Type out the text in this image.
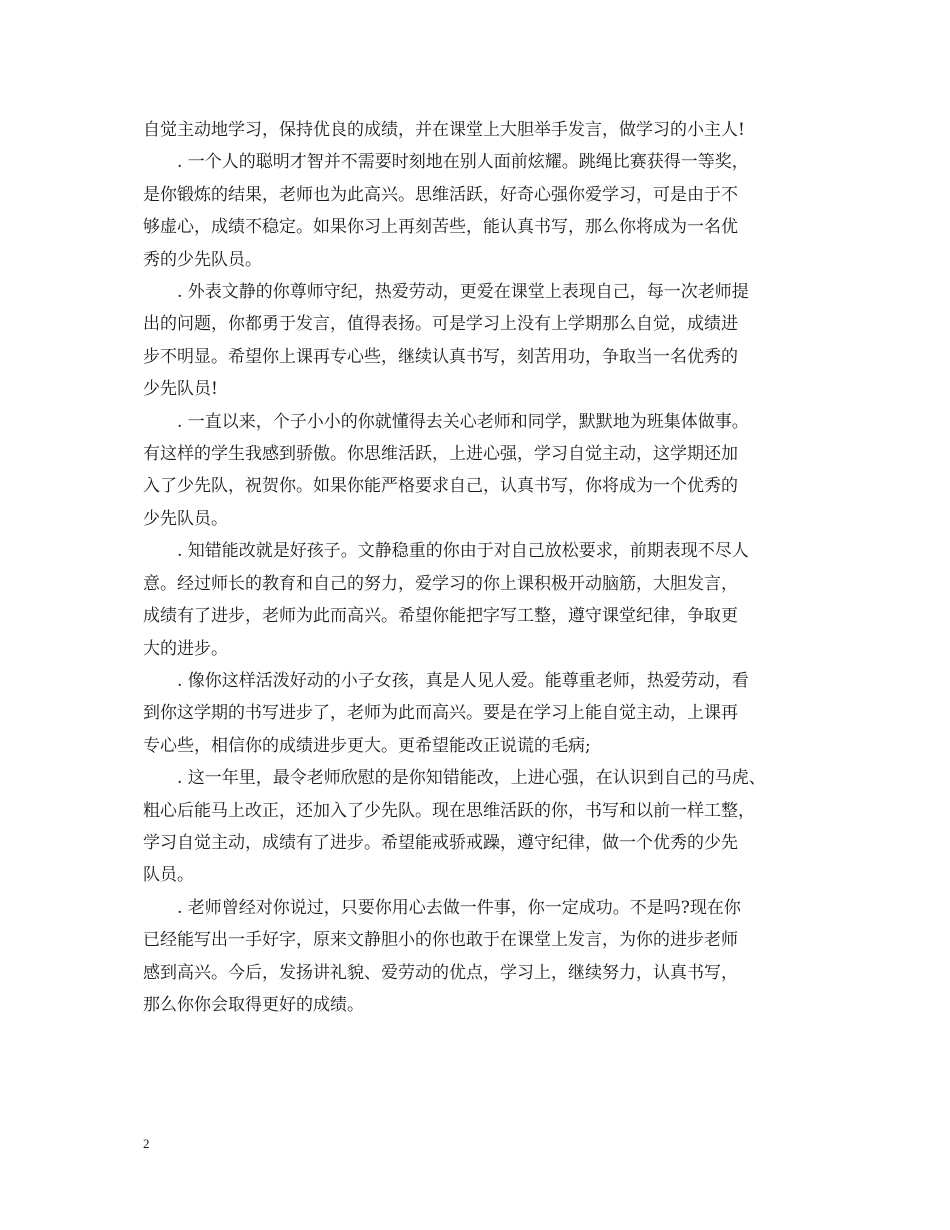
自觉主动地学习，保持优良的成绩，并在课堂上大胆举手发言，做学习的小主人!

. 一个人的聪明才智并不需要时刻地在别人面前炫耀。跳绳比赛获得一等奖，
是你锻炼的结果，老师也为此高兴。思维活跃，好奇心强你爱学习，可是由于不
够虚心，成绩不稳定。如果你习上再刻苦些，能认真书写，那么你将成为一名优
秀的少先队员。

. 外表文静的你尊师守纪，热爱劳动，更爱在课堂上表现自己，每一次老师提
出的问题，你都勇于发言，值得表扬。可是学习上没有上学期那么自觉，成绩进
步不明显。希望你上课再专心些，继续认真书写，刻苦用功，争取当一名优秀的
少先队员!

. 一直以来，个子小小的你就懂得去关心老师和同学，默默地为班集体做事。
有这样的学生我感到骄傲。你思维活跃，上进心强，学习自觉主动，这学期还加
入了少先队，祝贺你。如果你能严格要求自己，认真书写，你将成为一个优秀的
少先队员。

. 知错能改就是好孩子。文静稳重的你由于对自己放松要求，前期表现不尽人
意。经过师长的教育和自己的努力，爱学习的你上课积极开动脑筋，大胆发言，
成绩有了进步，老师为此而高兴。希望你能把字写工整，遵守课堂纪律，争取更
大的进步。

. 像你这样活泼好动的小子女孩，真是人见人爱。能尊重老师，热爱劳动，看
到你这学期的书写进步了，老师为此而高兴。要是在学习上能自觉主动，上课再
专心些，相信你的成绩进步更大。更希望能改正说谎的毛病;

. 这一年里，最令老师欣慰的是你知错能改，上进心强，在认识到自己的马虎、
粗心后能马上改正，还加入了少先队。现在思维活跃的你，书写和以前一样工整，
学习自觉主动，成绩有了进步。希望能戒骄戒躁，遵守纪律，做一个优秀的少先
队员。

. 老师曾经对你说过，只要你用心去做一件事，你一定成功。不是吗?现在你
已经能写出一手好字，原来文静胆小的你也敢于在课堂上发言，为你的进步老师
感到高兴。今后，发扬讲礼貌、爱劳动的优点，学习上，继续努力，认真书写，
那么你你会取得更好的成绩。

2
